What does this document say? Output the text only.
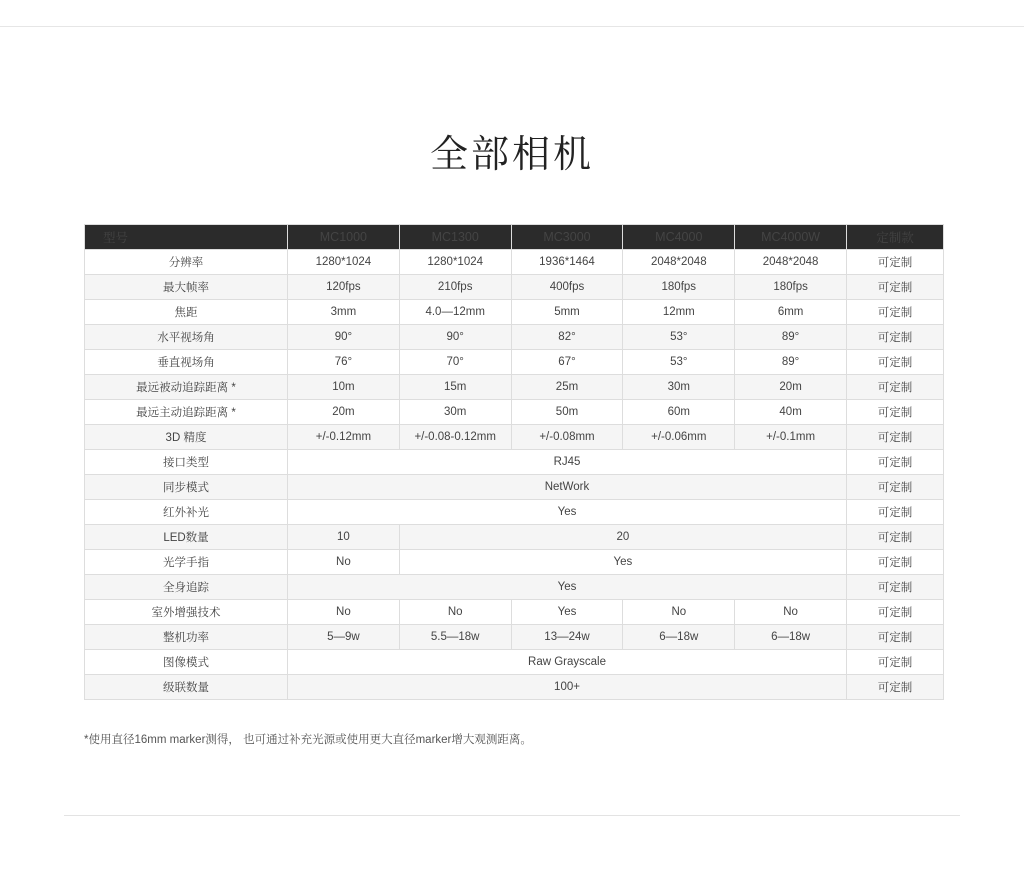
全部相机
型号	MC1000	MC1300	MC3000	MC4000	MC4000W	定制款
分辨率	1280*1024	1280*1024	1936*1464	2048*2048	2048*2048	可定制
最大帧率	120fps	210fps	400fps	180fps	180fps	可定制
焦距	3mm	4.0—12mm	5mm	12mm	6mm	可定制
水平视场角	90°	90°	82°	53°	89°	可定制
垂直视场角	76°	70°	67°	53°	89°	可定制
最远被动追踪距离 *	10m	15m	25m	30m	20m	可定制
最远主动追踪距离 *	20m	30m	50m	60m	40m	可定制
3D 精度	+/-0.12mm	+/-0.08-0.12mm	+/-0.08mm	+/-0.06mm	+/-0.1mm	可定制
接口类型	RJ45					可定制
同步模式	NetWork					可定制
红外补光	Yes					可定制
LED数量	10	20				可定制
光学手指	No	Yes				可定制
全身追踪	Yes					可定制
室外增强技术	No	No	Yes	No	No	可定制
整机功率	5—9w	5.5—18w	13—24w	6—18w	6—18w	可定制
图像模式	Raw Grayscale					可定制
级联数量	100+					可定制
*使用直径16mm marker测得， 也可通过补充光源或使用更大直径marker增大观测距离。
